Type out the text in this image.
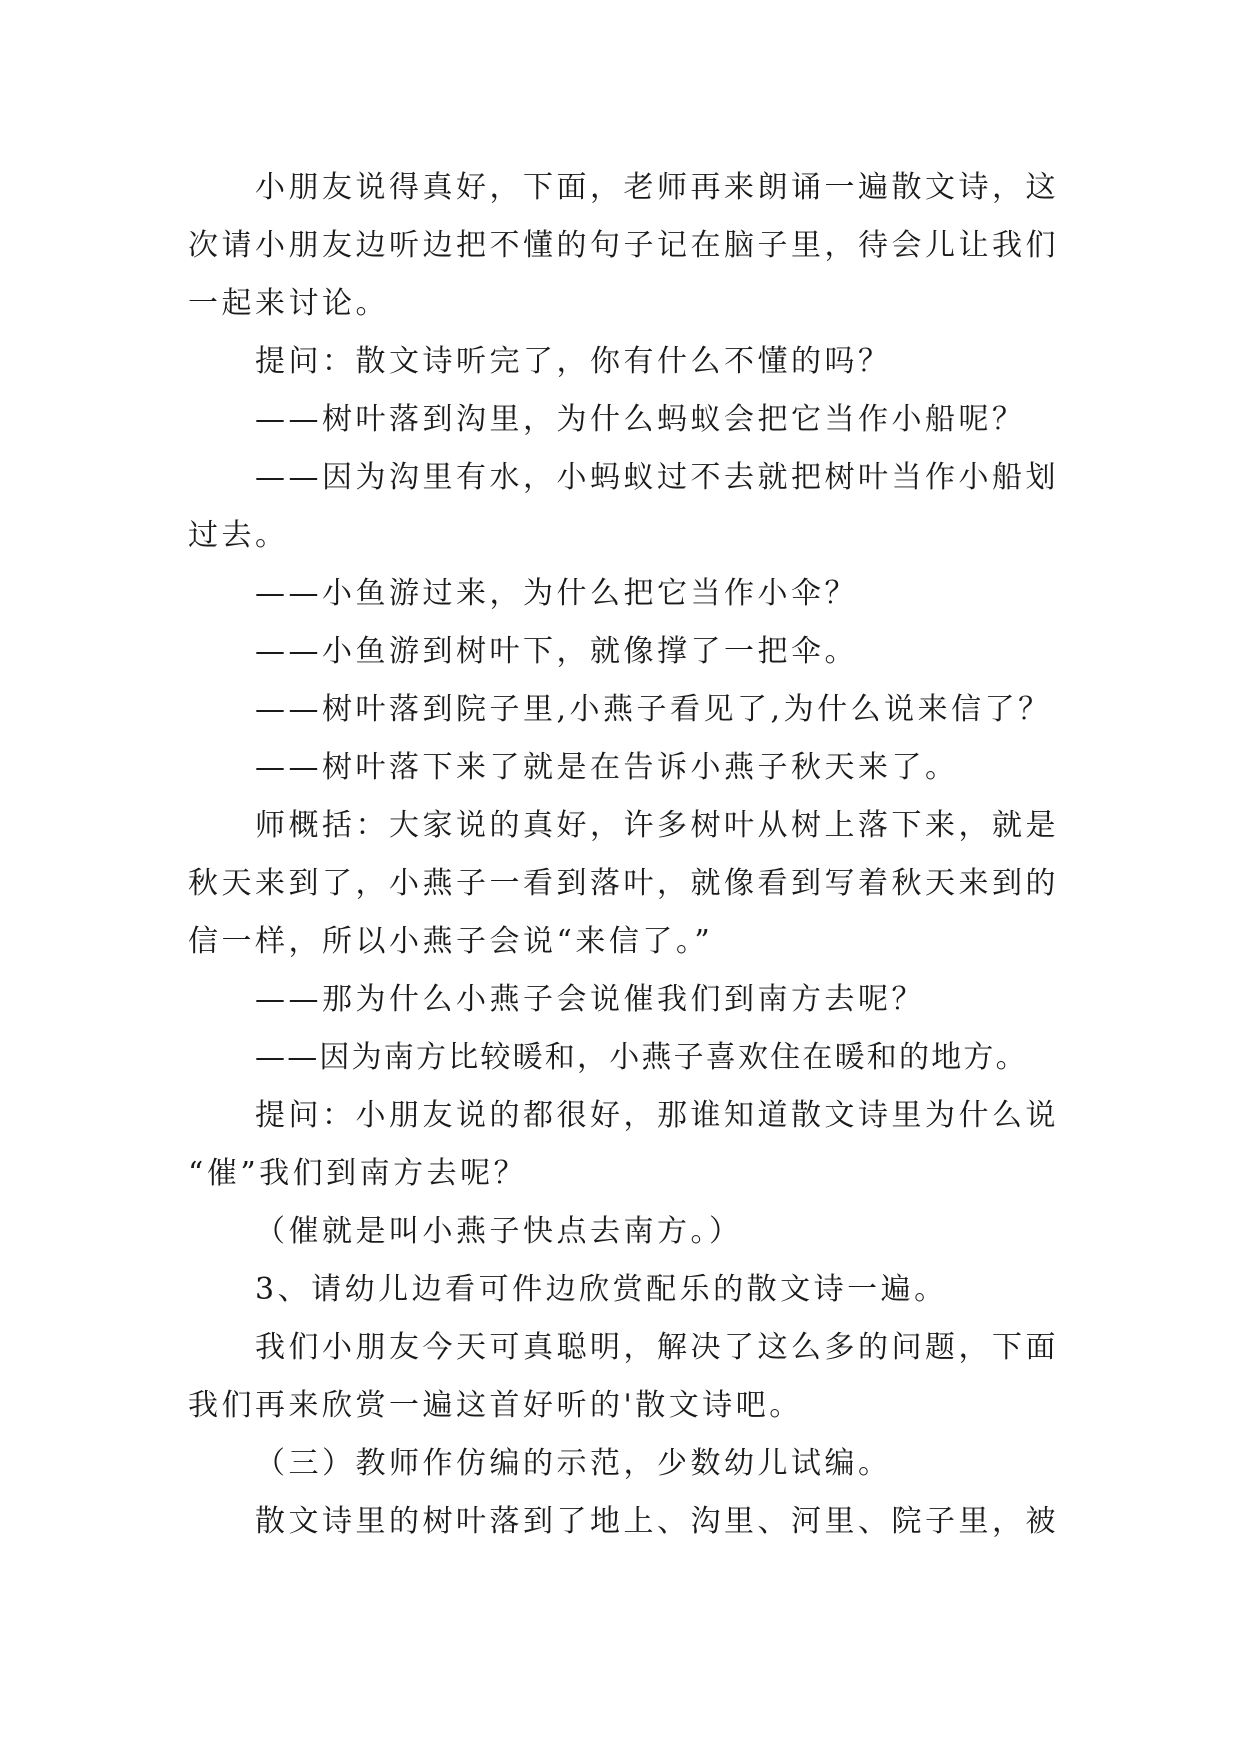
小朋友说得真好，下面，老师再来朗诵一遍散文诗，这
次请小朋友边听边把不懂的句子记在脑子里，待会儿让我们
一起来讨论。
提问：散文诗听完了，你有什么不懂的吗？
——树叶落到沟里，为什么蚂蚁会把它当作小船呢？
——因为沟里有水，小蚂蚁过不去就把树叶当作小船划
过去。
——小鱼游过来，为什么把它当作小伞？
——小鱼游到树叶下，就像撑了一把伞。
——树叶落到院子里,小燕子看见了,为什么说来信了？
——树叶落下来了就是在告诉小燕子秋天来了。
师概括：大家说的真好，许多树叶从树上落下来，就是
秋天来到了，小燕子一看到落叶，就像看到写着秋天来到的
信一样，所以小燕子会说“来信了。”
——那为什么小燕子会说催我们到南方去呢？
——因为南方比较暖和，小燕子喜欢住在暖和的地方。
提问：小朋友说的都很好，那谁知道散文诗里为什么说
“催”我们到南方去呢？
（催就是叫小燕子快点去南方。）
3、请幼儿边看可件边欣赏配乐的散文诗一遍。
我们小朋友今天可真聪明，解决了这么多的问题，下面
我们再来欣赏一遍这首好听的'散文诗吧。
（三）教师作仿编的示范，少数幼儿试编。
散文诗里的树叶落到了地上、沟里、河里、院子里，被
